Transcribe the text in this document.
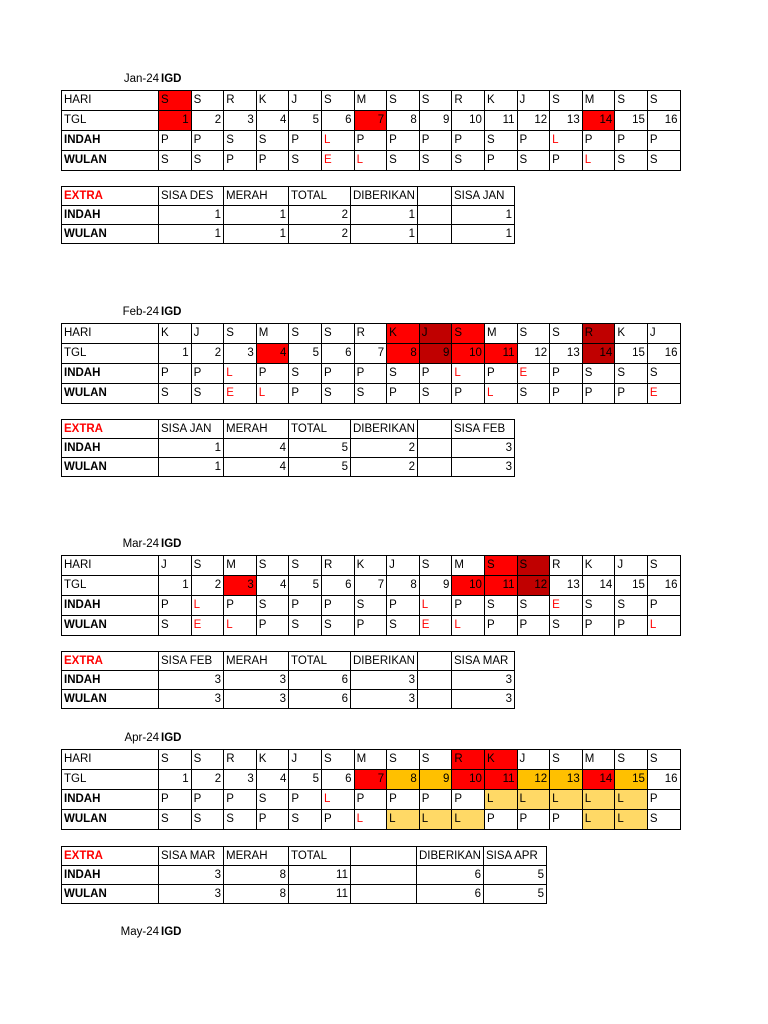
Jan-24 IGD
HARI	S	S	R	K	J	S	M	S	S	R	K	J	S	M	S	S
TGL	1	2	3	4	5	6	7	8	9	10	11	12	13	14	15	16
INDAH	P	P	S	S	P	L	P	P	P	P	S	P	L	P	P	P
WULAN	S	S	P	P	S	E	L	S	S	S	P	S	P	L	S	S
EXTRA	SISA DES	MERAH	TOTAL	DIBERIKAN		SISA JAN
INDAH	1	1	2	1		1
WULAN	1	1	2	1		1
Feb-24 IGD
HARI	K	J	S	M	S	S	R	K	J	S	M	S	S	R	K	J
TGL	1	2	3	4	5	6	7	8	9	10	11	12	13	14	15	16
INDAH	P	P	L	P	S	P	P	S	P	L	P	E	P	S	S	S
WULAN	S	S	E	L	P	S	S	P	S	P	L	S	P	P	P	E
EXTRA	SISA JAN	MERAH	TOTAL	DIBERIKAN		SISA FEB
INDAH	1	4	5	2		3
WULAN	1	4	5	2		3
Mar-24 IGD
HARI	J	S	M	S	S	R	K	J	S	M	S	S	R	K	J	S
TGL	1	2	3	4	5	6	7	8	9	10	11	12	13	14	15	16
INDAH	P	L	P	S	P	P	S	P	L	P	S	S	E	S	S	P
WULAN	S	E	L	P	S	S	P	S	E	L	P	P	S	P	P	L
EXTRA	SISA FEB	MERAH	TOTAL	DIBERIKAN		SISA MAR
INDAH	3	3	6	3		3
WULAN	3	3	6	3		3
Apr-24 IGD
HARI	S	S	R	K	J	S	M	S	S	R	K	J	S	M	S	S
TGL	1	2	3	4	5	6	7	8	9	10	11	12	13	14	15	16
INDAH	P	P	P	S	P	L	P	P	P	P	L	L	L	L	L	P
WULAN	S	S	S	P	S	P	L	L	L	L	P	P	P	L	L	S
EXTRA	SISA MAR	MERAH	TOTAL		DIBERIKAN	SISA APR
INDAH	3	8	11		6	5
WULAN	3	8	11		6	5
May-24 IGD
